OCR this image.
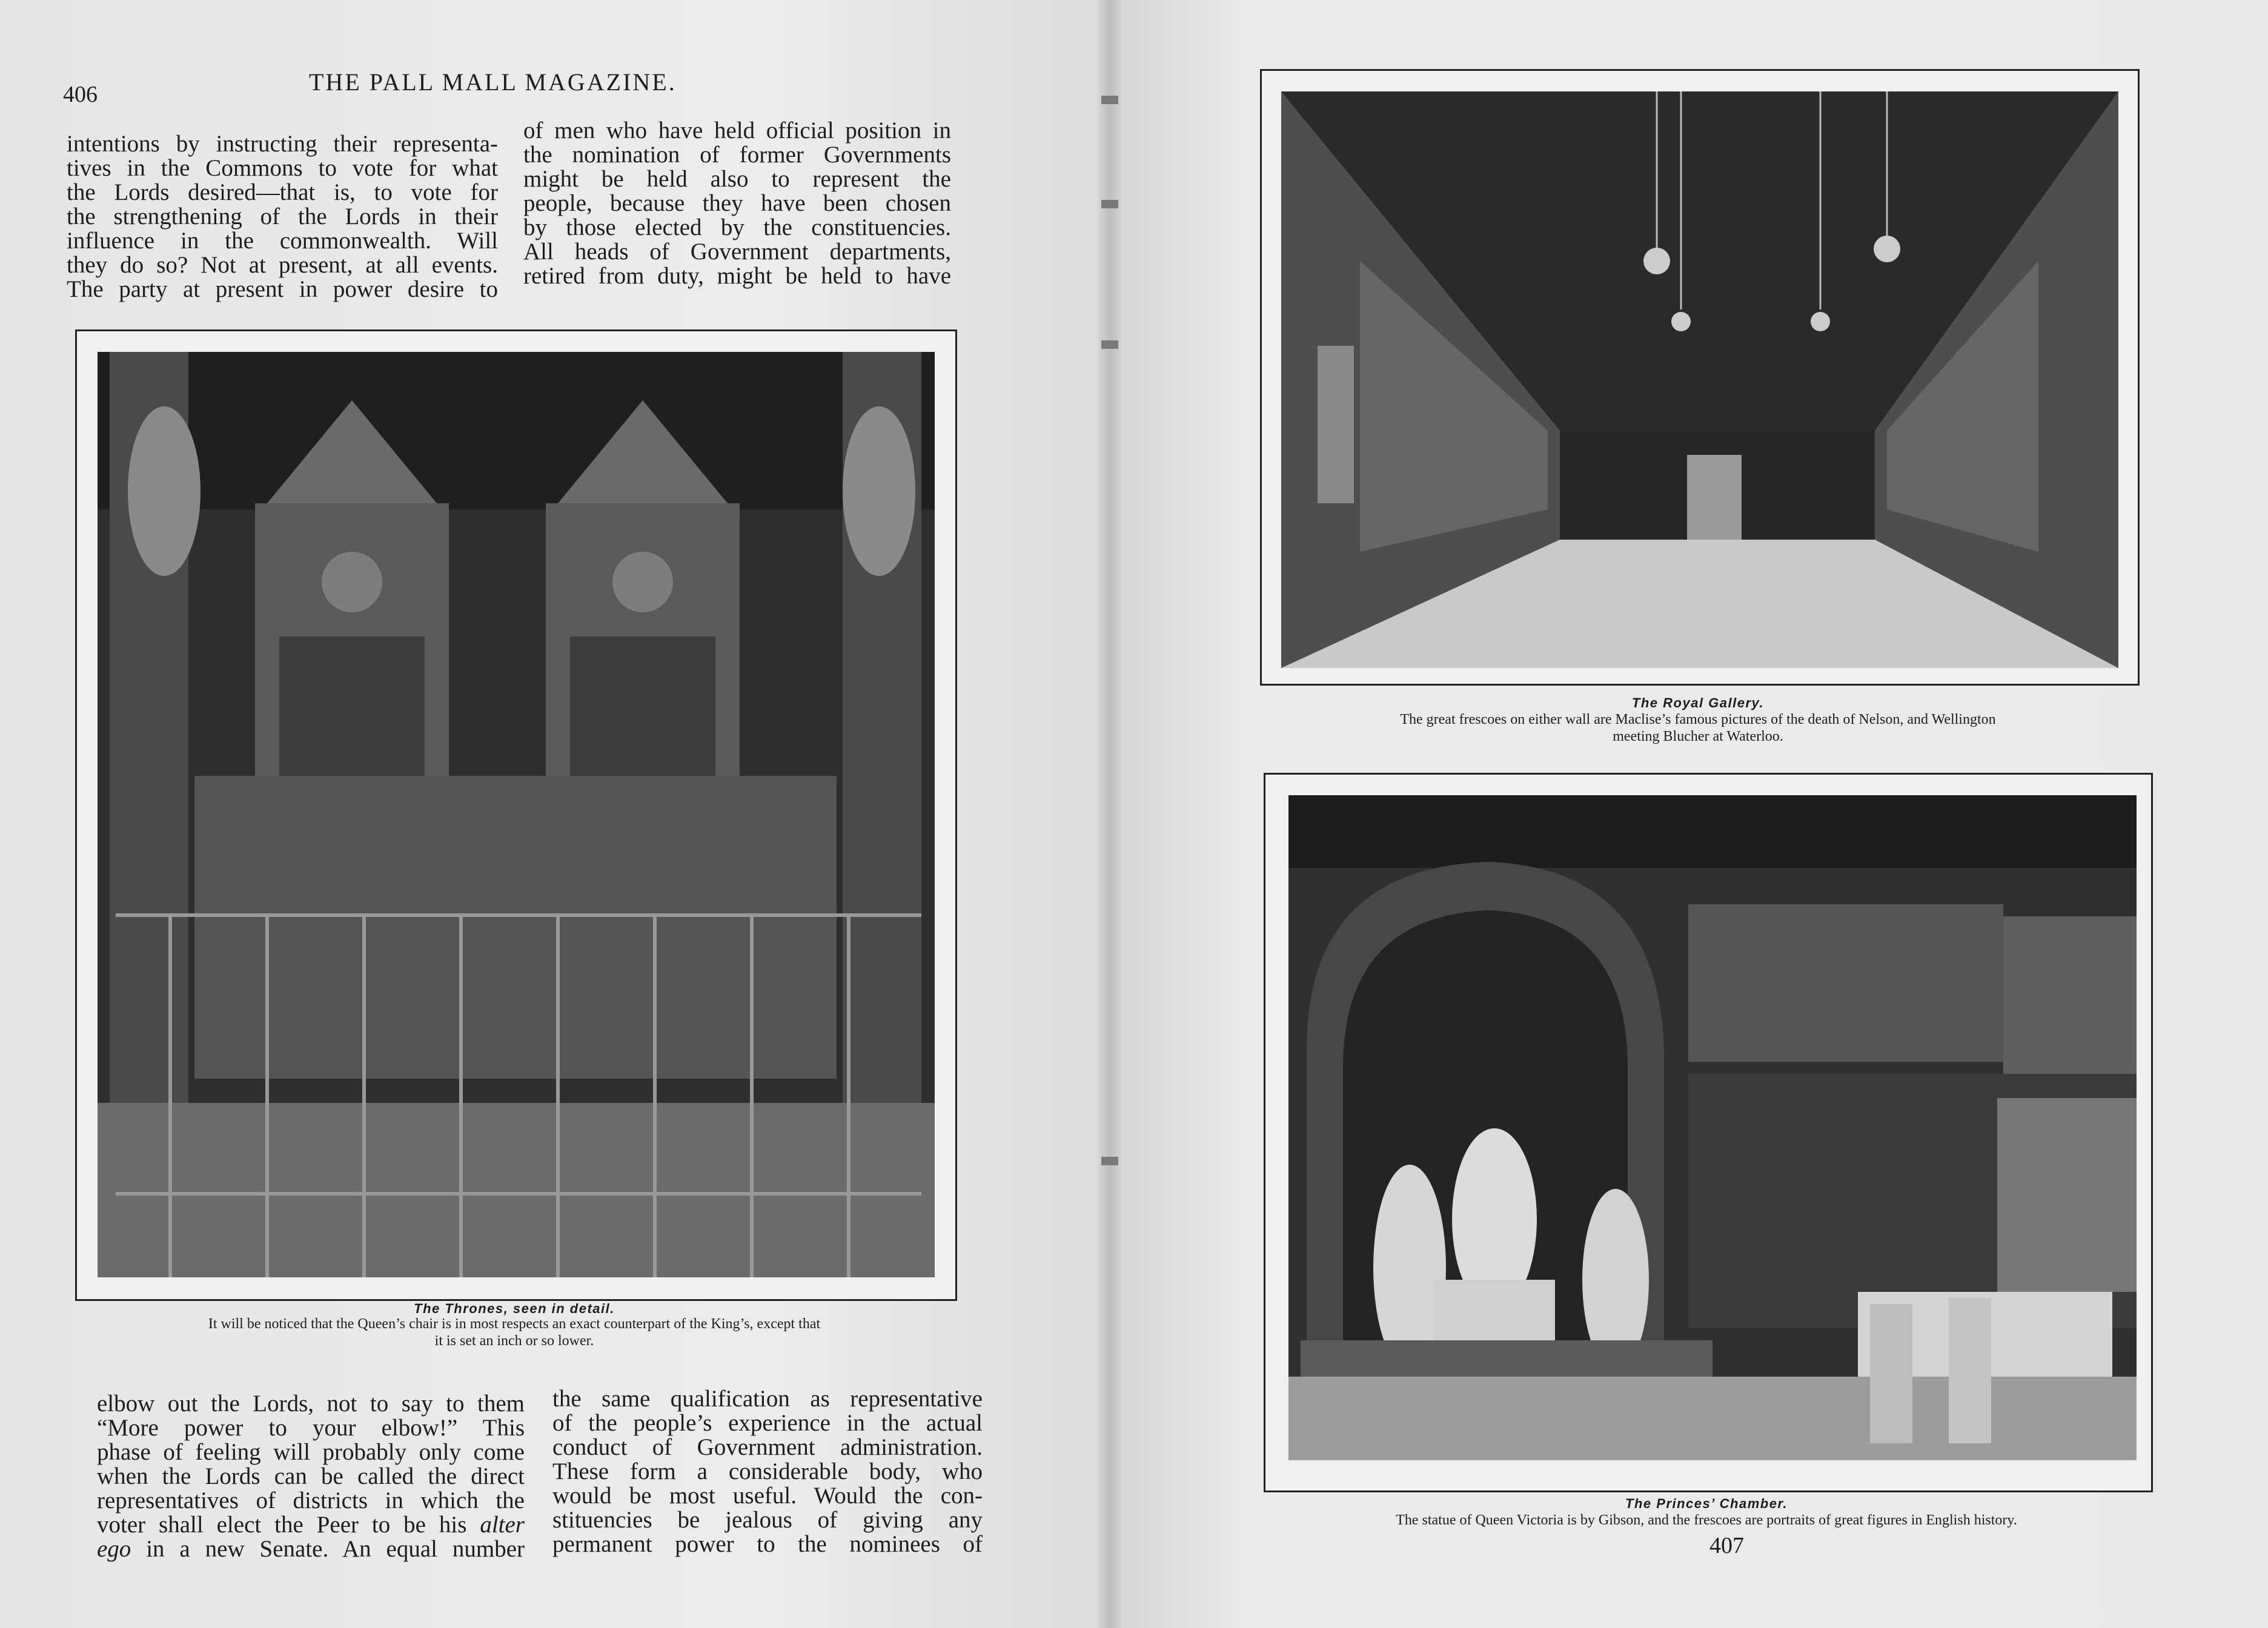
406	THE PALL MALL MAGAZINE.

intentions by instructing their representa-

tives in the Commons to vote for what

the Lords desired—that is, to vote for

the strengthening of the Lords in their

influence in the commonwealth. Will

they do so? Not at present, at all events.

The party at present in power desire to

of men who have held official position in

the nomination of former Governments

might be held also to represent the

people, because they have been chosen

by those elected by the constituencies.

All heads of Government departments,

retired from duty, might be held to have

The Thrones, seen in detail.
It will be noticed that the Queen’s chair is in most respects an exact counterpart of the King’s, except that
it is set an inch or so lower.

elbow out the Lords, not to say to them

“More power to your elbow!” This

phase of feeling will probably only come

when the Lords can be called the direct

representatives of districts in which the

voter shall elect the Peer to be his alter

ego in a new Senate. An equal number

the same qualification as representative

of the people’s experience in the actual

conduct of Government administration.

These form a considerable body, who

would be most useful. Would the con-

stituencies be jealous of giving any

permanent power to the nominees of

The Royal Gallery.
The great frescoes on either wall are Maclise’s famous pictures of the death of Nelson, and Wellington
meeting Blucher at Waterloo.
The Princes’ Chamber.
The statue of Queen Victoria is by Gibson, and the frescoes are portraits of great figures in English history.
407
